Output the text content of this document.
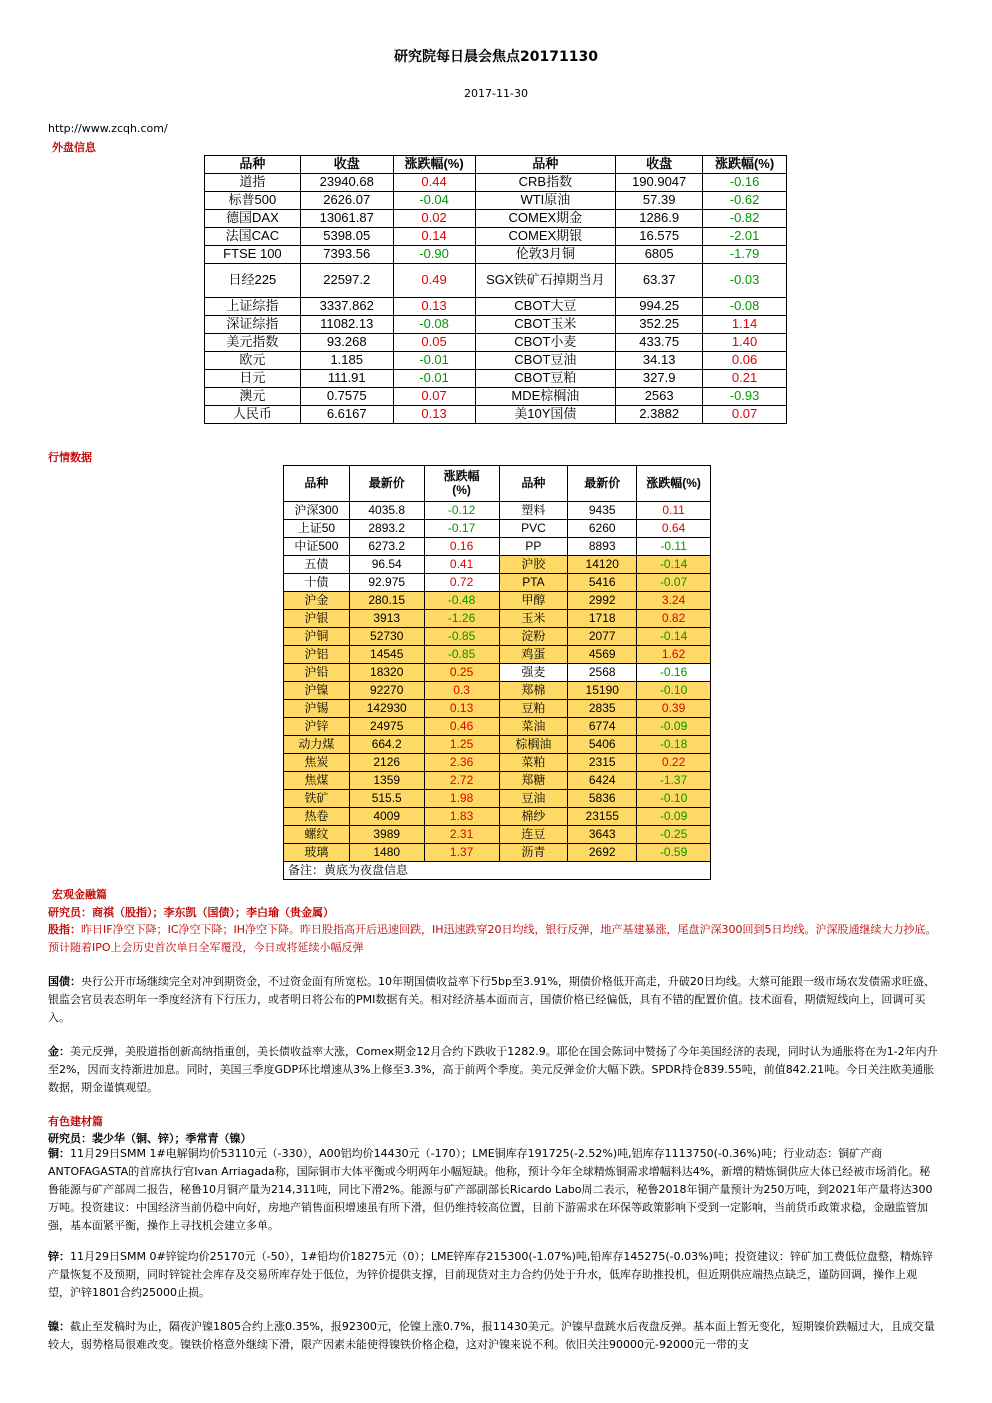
研究院每日晨会焦点20171130
2017-11-30
http://www.zcqh.com/
外盘信息
品种	收盘	涨跌幅(%)	品种	收盘	涨跌幅(%)
道指	23940.68	0.44	CRB指数	190.9047	-0.16
标普500	2626.07	-0.04	WTI原油	57.39	-0.62
德国DAX	13061.87	0.02	COMEX期金	1286.9	-0.82
法国CAC	5398.05	0.14	COMEX期银	16.575	-2.01
FTSE 100	7393.56	-0.90	伦敦3月铜	6805	-1.79
日经225	22597.2	0.49	SGX铁矿石掉期当月	63.37	-0.03
上证综指	3337.862	0.13	CBOT大豆	994.25	-0.08
深证综指	11082.13	-0.08	CBOT玉米	352.25	1.14
美元指数	93.268	0.05	CBOT小麦	433.75	1.40
欧元	1.185	-0.01	CBOT豆油	34.13	0.06
日元	111.91	-0.01	CBOT豆粕	327.9	0.21
澳元	0.7575	0.07	MDE棕榈油	2563	-0.93
人民币	6.6167	0.13	美10Y国债	2.3882	0.07
行情数据
品种	最新价	涨跌幅(%)	品种	最新价	涨跌幅(%)
沪深300	4035.8	-0.12	塑料	9435	0.11
上证50	2893.2	-0.17	PVC	6260	0.64
中证500	6273.2	0.16	PP	8893	-0.11
五债	96.54	0.41	沪胶	14120	-0.14
十债	92.975	0.72	PTA	5416	-0.07
沪金	280.15	-0.48	甲醇	2992	3.24
沪银	3913	-1.26	玉米	1718	0.82
沪铜	52730	-0.85	淀粉	2077	-0.14
沪铝	14545	-0.85	鸡蛋	4569	1.62
沪铅	18320	0.25	强麦	2568	-0.16
沪镍	92270	0.3	郑棉	15190	-0.10
沪锡	142930	0.13	豆粕	2835	0.39
沪锌	24975	0.46	菜油	6774	-0.09
动力煤	664.2	1.25	棕榈油	5406	-0.18
焦炭	2126	2.36	菜粕	2315	0.22
焦煤	1359	2.72	郑糖	6424	-1.37
铁矿	515.5	1.98	豆油	5836	-0.10
热卷	4009	1.83	棉纱	23155	-0.09
螺纹	3989	2.31	连豆	3643	-0.25
玻璃	1480	1.37	沥青	2692	-0.59
备注：黄底为夜盘信息					
宏观金融篇
研究员：商祺（股指）；李东凯（国债）；李白瑜（贵金属）
股指：昨日IF净空下降；IC净空下降；IH净空下降。昨日股指高开后迅速回跌，IH迅速跌穿20日均线，银行反弹，地产基建暴涨，尾盘沪深300回到5日均线。沪深股通继续大力抄底。预计随着IPO上会历史首次单日全军覆没，今日或将延续小幅反弹
国债：央行公开市场继续完全对冲到期资金，不过资金面有所宽松。10年期国债收益率下行5bp至3.91%，期债价格低开高走，升破20日均线。大蔡可能跟一级市场农发债需求旺盛、银监会官员表态明年一季度经济有下行压力，或者明日将公布的PMI数据有关。相对经济基本面而言，国债价格已经偏低，具有不错的配置价值。技术面看，期债短线向上，回调可买入。
金：美元反弹，美股道指创新高纳指重创，美长债收益率大涨，Comex期金12月合约下跌收于1282.9。耶伦在国会陈词中赞扬了今年美国经济的表现，同时认为通胀将在为1-2年内升至2%，因而支持渐进加息。同时，美国三季度GDP环比增速从3%上修至3.3%，高于前两个季度。美元反弹金价大幅下跌。SPDR持仓839.55吨，前值842.21吨。今日关注欧美通胀数据，期金谨慎观望。
有色建材篇
研究员：裴少华（铜、锌）；季常青（镍）
铜：11月29日SMM 1#电解铜均价53110元（-330），A00铝均价14430元（-170）；LME铜库存191725(-2.52%)吨,铝库存1113750(-0.36%)吨；行业动态：铜矿产商ANTOFAGASTA的首席执行官Ivan Arriagada称，国际铜市大体平衡或今明两年小幅短缺。他称，预计今年全球精炼铜需求增幅料达4%，新增的精炼铜供应大体已经被市场消化。秘鲁能源与矿产部周二报告，秘鲁10月铜产量为214,311吨，同比下滑2%。能源与矿产部副部长Ricardo Labo周二表示，秘鲁2018年铜产量预计为250万吨，到2021年产量将达300万吨。投资建议：中国经济当前仍稳中向好，房地产销售面积增速虽有所下滑，但仍维持较高位置，目前下游需求在环保等政策影响下受到一定影响，当前货币政策求稳，金融监管加强，基本面紧平衡，操作上寻找机会建立多单。
锌：11月29日SMM 0#锌锭均价25170元（-50），1#铅均价18275元（0）；LME锌库存215300(-1.07%)吨,铅库存145275(-0.03%)吨；投资建议：锌矿加工费低位盘整，精炼锌产量恢复不及预期，同时锌锭社会库存及交易所库存处于低位，为锌价提供支撑，目前现货对主力合约仍处于升水，低库存助推投机，但近期供应端热点缺乏，谨防回调，操作上观望，沪锌1801合约25000止损。
镍：截止至发稿时为止，隔夜沪镍1805合约上涨0.35%，报92300元，伦镍上涨0.7%，报11430美元。沪镍早盘跳水后夜盘反弹。基本面上暂无变化，短期镍价跌幅过大，且成交量较大，弱势格局很难改变。镍铁价格意外继续下滑，限产因素未能使得镍铁价格企稳，这对沪镍来说不利。依旧关注90000元-92000元一带的支
